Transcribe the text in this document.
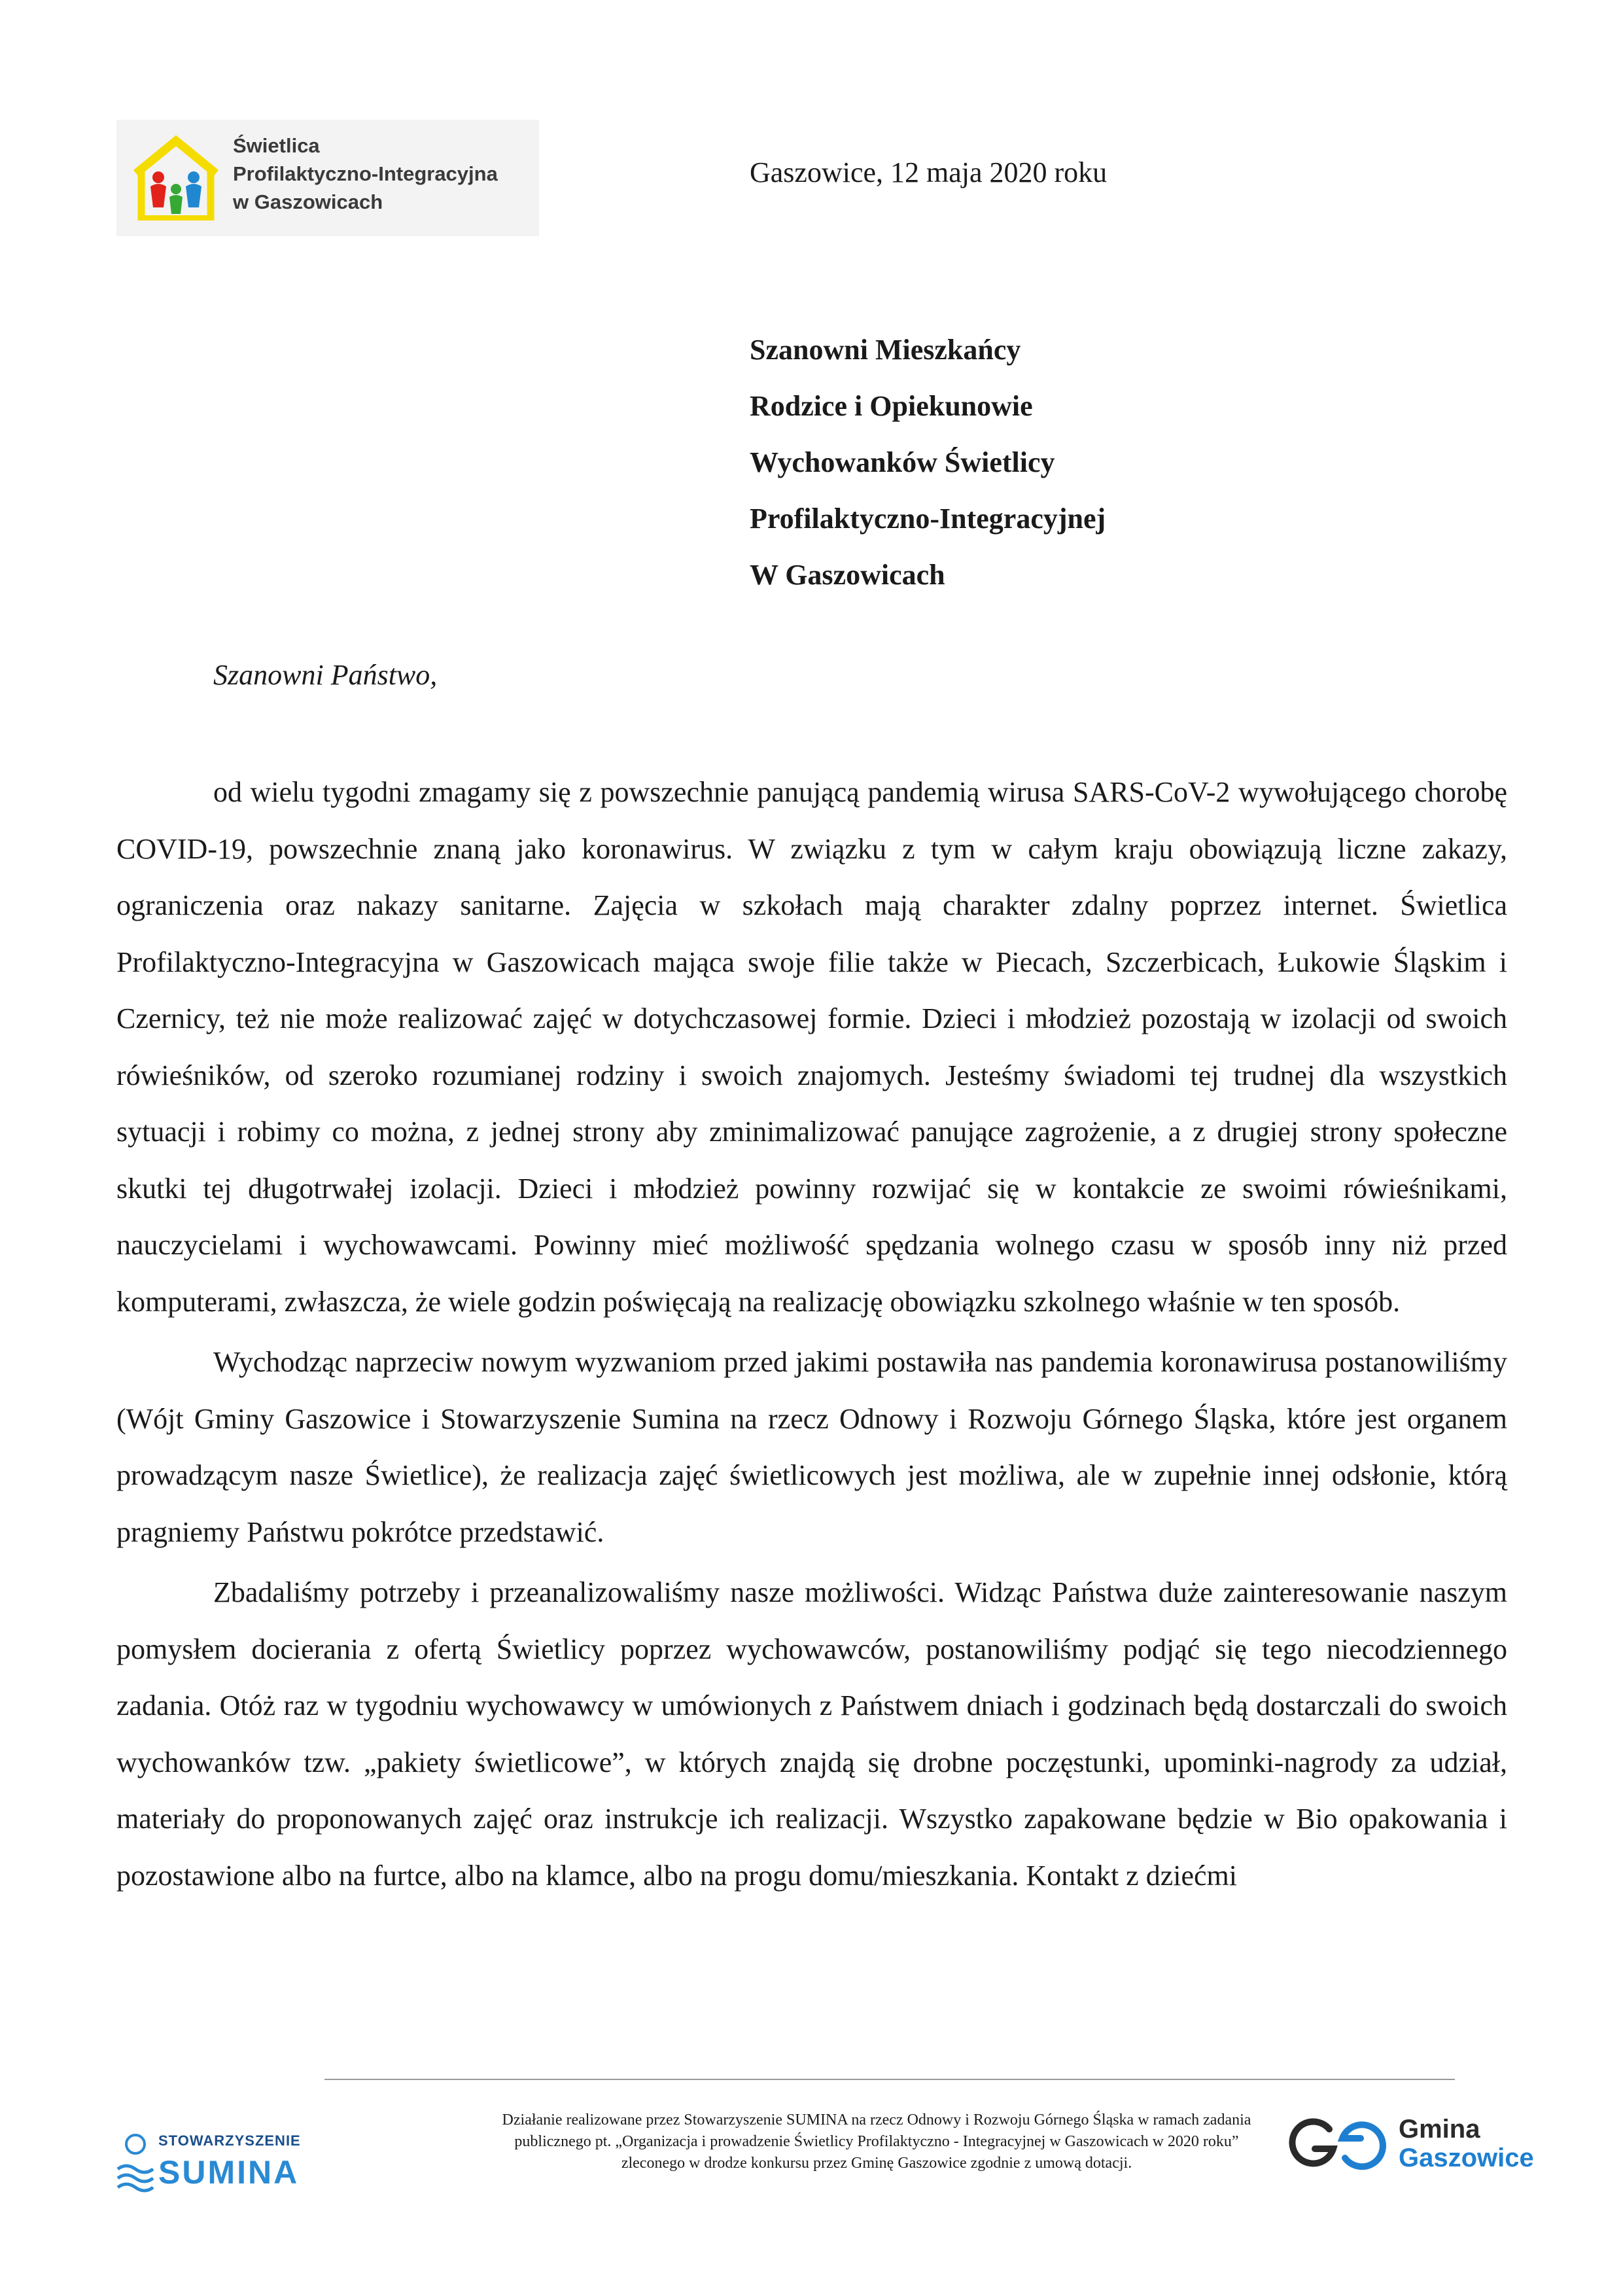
Świetlica
Profilaktyczno-Integracyjna
w Gaszowicach
Gaszowice, 12 maja 2020 roku
Szanowni Mieszkańcy
Rodzice i Opiekunowie
Wychowanków Świetlicy
Profilaktyczno-Integracyjnej
W Gaszowicach
Szanowni Państwo,

od wielu tygodni zmagamy się z powszechnie panującą pandemią wirusa SARS-CoV-2 wywołującego chorobę COVID-19, powszechnie znaną jako koronawirus. W związku z tym w całym kraju obowiązują liczne zakazy, ograniczenia oraz nakazy sanitarne. Zajęcia w szkołach mają charakter zdalny poprzez internet. Świetlica Profilaktyczno-Integracyjna w Gaszowicach mająca swoje filie także w Piecach, Szczerbicach, Łukowie Śląskim i Czernicy, też nie może realizować zajęć w dotychczasowej formie. Dzieci i młodzież pozostają w izolacji od swoich rówieśników, od szeroko rozumianej rodziny i swoich znajomych. Jesteśmy świadomi tej trudnej dla wszystkich sytuacji i robimy co można, z jednej strony aby zminimalizować panujące zagrożenie, a z drugiej strony społeczne skutki tej długotrwałej izolacji. Dzieci i młodzież powinny rozwijać się w kontakcie ze swoimi rówieśnikami, nauczycielami i wychowawcami. Powinny mieć możliwość spędzania wolnego czasu w sposób inny niż przed komputerami, zwłaszcza, że wiele godzin poświęcają na realizację obowiązku szkolnego właśnie w ten sposób.

Wychodząc naprzeciw nowym wyzwaniom przed jakimi postawiła nas pandemia koronawirusa postanowiliśmy (Wójt Gminy Gaszowice i Stowarzyszenie Sumina na rzecz Odnowy i Rozwoju Górnego Śląska, które jest organem prowadzącym nasze Świetlice), że realizacja zajęć świetlicowych jest możliwa, ale w zupełnie innej odsłonie, którą pragniemy Państwu pokrótce przedstawić.

Zbadaliśmy potrzeby i przeanalizowaliśmy nasze możliwości. Widząc Państwa duże zainteresowanie naszym pomysłem docierania z ofertą Świetlicy poprzez wychowawców, postanowiliśmy podjąć się tego niecodziennego zadania. Otóż raz w tygodniu wychowawcy w umówionych z Państwem dniach i godzinach będą dostarczali do swoich wychowanków tzw. „pakiety świetlicowe”, w których znajdą się drobne poczęstunki, upominki-nagrody za udział, materiały do proponowanych zajęć oraz instrukcje ich realizacji. Wszystko zapakowane będzie w Bio opakowania i pozostawione albo na furtce, albo na klamce, albo na progu domu/mieszkania. Kontakt z dziećmi

STOWARZYSZENIE
SUMINA
Działanie realizowane przez Stowarzyszenie SUMINA na rzecz Odnowy i Rozwoju Górnego Śląska w ramach zadania
publicznego pt. „Organizacja i prowadzenie Świetlicy Profilaktyczno - Integracyjnej w Gaszowicach w 2020 roku”
zleconego w drodze konkursu przez Gminę Gaszowice zgodnie z umową dotacji.
Gmina
Gaszowice
